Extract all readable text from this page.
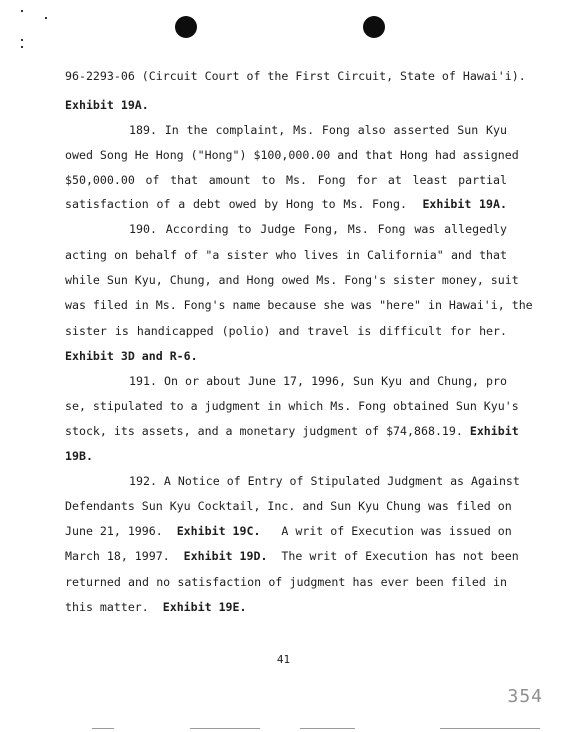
96-2293-06 (Circuit Court of the First Circuit, State of Hawai'i).
Exhibit 19A.
189. In the complaint, Ms. Fong also asserted Sun Kyu
owed Song He Hong ("Hong") $100,000.00 and that Hong had assigned
$50,000.00 of that amount to Ms. Fong for at least partial
satisfaction of a debt owed by Hong to Ms. Fong.  Exhibit 19A.
190. According to Judge Fong, Ms. Fong was allegedly
acting on behalf of "a sister who lives in California" and that
while Sun Kyu, Chung, and Hong owed Ms. Fong's sister money, suit
was filed in Ms. Fong's name because she was "here" in Hawai'i, the
sister is handicapped (polio) and travel is difficult for her.
Exhibit 3D and R-6.
191. On or about June 17, 1996, Sun Kyu and Chung, pro
se, stipulated to a judgment in which Ms. Fong obtained Sun Kyu's
stock, its assets, and a monetary judgment of $74,868.19. Exhibit
19B.
192. A Notice of Entry of Stipulated Judgment as Against
Defendants Sun Kyu Cocktail, Inc. and Sun Kyu Chung was filed on
June 21, 1996.  Exhibit 19C.   A writ of Execution was issued on
March 18, 1997.  Exhibit 19D.  The writ of Execution has not been
returned and no satisfaction of judgment has ever been filed in
this matter.  Exhibit 19E.
41
354
